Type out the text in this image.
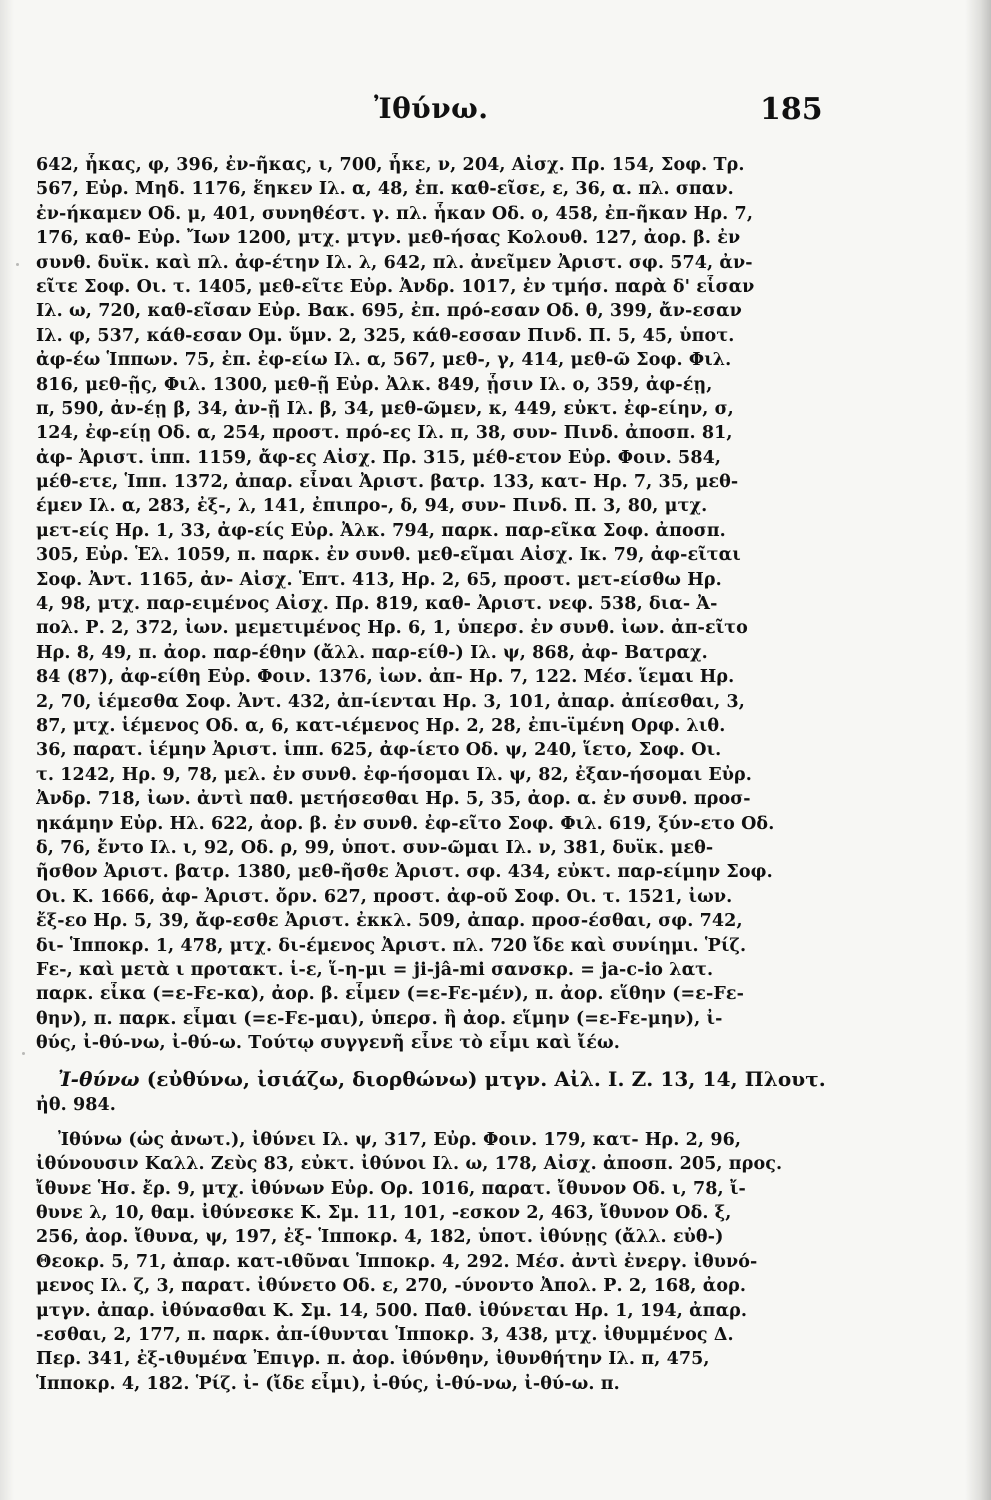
Ἰθύνω.	185
642, ἧκας, φ, 396, ἐν-ῆκας, ι, 700, ἧκε, ν, 204, Αἰσχ. Πρ. 154, Σοφ. Τρ.
567, Εὐρ. Μηδ. 1176, ἕηκεν Ιλ. α, 48, ἐπ. καθ-εῖσε, ε, 36, α. πλ. σπαν.
ἐν-ήκαμεν Οδ. μ, 401, συνηθέστ. γ. πλ. ἧκαν Οδ. ο, 458, ἐπ-ῆκαν Ηρ. 7,
176, καθ- Εὐρ. Ἴων 1200, μτχ. μτγν. μεθ-ήσας Κολουθ. 127, ἀορ. β. ἐν
συνθ. δυϊκ. καὶ πλ. ἀφ-έτην Ιλ. λ, 642, πλ. ἀνεῖμεν Ἀριστ. σφ. 574, ἀν-
εῖτε Σοφ. Οι. τ. 1405, μεθ-εῖτε Εὐρ. Ἀνδρ. 1017, ἐν τμήσ. παρὰ δ' εἷσαν
Ιλ. ω, 720, καθ-εῖσαν Εὐρ. Βακ. 695, ἐπ. πρό-εσαν Οδ. θ, 399, ἄν-εσαν
Ιλ. φ, 537, κάθ-εσαν Ομ. ὕμν. 2, 325, κάθ-εσσαν Πινδ. Π. 5, 45, ὑποτ.
ἀφ-έω Ἱππων. 75, ἐπ. ἐφ-είω Ιλ. α, 567, μεθ-, γ, 414, μεθ-ῶ Σοφ. Φιλ.
816, μεθ-ῇς, Φιλ. 1300, μεθ-ῇ Εὐρ. Ἀλκ. 849, ᾗσιν Ιλ. ο, 359, ἀφ-έῃ,
π, 590, ἀν-έῃ β, 34, ἀν-ῇ Ιλ. β, 34, μεθ-ῶμεν, κ, 449, εὐκτ. ἐφ-είην, σ,
124, ἐφ-είῃ Οδ. α, 254, προστ. πρό-ες Ιλ. π, 38, συν- Πινδ. ἀποσπ. 81,
ἀφ- Ἀριστ. ἱππ. 1159, ἄφ-ες Αἰσχ. Πρ. 315, μέθ-ετον Εὐρ. Φοιν. 584,
μέθ-ετε, Ἱππ. 1372, ἀπαρ. εἶναι Ἀριστ. βατρ. 133, κατ- Ηρ. 7, 35, μεθ-
έμεν Ιλ. α, 283, ἐξ-, λ, 141, ἐπιπρο-, δ, 94, συν- Πινδ. Π. 3, 80, μτχ.
μετ-είς Ηρ. 1, 33, ἀφ-είς Εὐρ. Ἀλκ. 794, παρκ. παρ-εῖκα Σοφ. ἀποσπ.
305, Εὐρ. Ἑλ. 1059, π. παρκ. ἐν συνθ. μεθ-εῖμαι Αἰσχ. Ικ. 79, ἀφ-εῖται
Σοφ. Ἀντ. 1165, ἀν- Αἰσχ. Ἑπτ. 413, Ηρ. 2, 65, προστ. μετ-είσθω Ηρ.
4, 98, μτχ. παρ-ειμένος Αἰσχ. Πρ. 819, καθ- Ἀριστ. νεφ. 538, δια- Ἀ-
πολ. Ρ. 2, 372, ἰων. μεμετιμένος Ηρ. 6, 1, ὑπερσ. ἐν συνθ. ἰων. ἀπ-εῖτο
Ηρ. 8, 49, π. ἀορ. παρ-έθην (ἄλλ. παρ-είθ-) Ιλ. ψ, 868, ἀφ- Βατραχ.
84 (87), ἀφ-είθη Εὐρ. Φοιν. 1376, ἰων. ἀπ- Ηρ. 7, 122. Μέσ. ἵεμαι Ηρ.
2, 70, ἱέμεσθα Σοφ. Ἀντ. 432, ἀπ-ίενται Ηρ. 3, 101, ἀπαρ. ἀπίεσθαι, 3,
87, μτχ. ἱέμενος Οδ. α, 6, κατ-ιέμενος Ηρ. 2, 28, ἐπι-ϊμένη Ορφ. λιθ.
36, παρατ. ἱέμην Ἀριστ. ἱππ. 625, ἀφ-ίετο Οδ. ψ, 240, ἵετο, Σοφ. Οι.
τ. 1242, Ηρ. 9, 78, μελ. ἐν συνθ. ἐφ-ήσομαι Ιλ. ψ, 82, ἐξαν-ήσομαι Εὐρ.
Ἀνδρ. 718, ἰων. ἀντὶ παθ. μετήσεσθαι Ηρ. 5, 35, ἀορ. α. ἐν συνθ. προσ-
ηκάμην Εὐρ. Ηλ. 622, ἀορ. β. ἐν συνθ. ἐφ-εῖτο Σοφ. Φιλ. 619, ξύν-ετο Οδ.
δ, 76, ἔντο Ιλ. ι, 92, Οδ. ρ, 99, ὑποτ. συν-ῶμαι Ιλ. ν, 381, δυϊκ. μεθ-
ῆσθον Ἀριστ. βατρ. 1380, μεθ-ῆσθε Ἀριστ. σφ. 434, εὐκτ. παρ-είμην Σοφ.
Οι. Κ. 1666, ἀφ- Ἀριστ. ὄρν. 627, προστ. ἀφ-οῦ Σοφ. Οι. τ. 1521, ἰων.
ἔξ-εο Ηρ. 5, 39, ἄφ-εσθε Ἀριστ. ἐκκλ. 509, ἀπαρ. προσ-έσθαι, σφ. 742,
δι- Ἱπποκρ. 1, 478, μτχ. δι-έμενος Ἀριστ. πλ. 720 ἴδε καὶ συνίημι. Ῥίζ.
Fε-, καὶ μετὰ ι προτακτ. ἱ-ε, ἵ-η-μι = ji-jâ-mi σανσκρ. = ja-c-io λατ.
παρκ. εἶκα (=ε-Fε-κα), ἀορ. β. εἷμεν (=ε-Fε-μέν), π. ἀορ. εἵθην (=ε-Fε-
θην), π. παρκ. εἷμαι (=ε-Fε-μαι), ὑπερσ. ἢ ἀορ. εἵμην (=ε-Fε-μην), ἰ-
θύς, ἰ-θύ-νω, ἰ-θύ-ω. Τούτῳ συγγενῆ εἶνε τὸ εἶμι καὶ ἴέω.
Ἰ-θύνω (εὐθύνω, ἰσιάζω, διορθώνω) μτγν. Αἰλ. Ι. Ζ. 13, 14, Πλουτ.
ἠθ. 984.
Ἰθύνω (ὡς ἀνωτ.), ἰθύνει Ιλ. ψ, 317, Εὐρ. Φοιν. 179, κατ- Ηρ. 2, 96,
ἰθύνουσιν Καλλ. Ζεὺς 83, εὐκτ. ἰθύνοι Ιλ. ω, 178, Αἰσχ. ἀποσπ. 205, προς.
ἴθυνε Ἡσ. ἔρ. 9, μτχ. ἰθύνων Εὐρ. Ορ. 1016, παρατ. ἴθυνον Οδ. ι, 78, ἴ-
θυνε λ, 10, θαμ. ἰθύνεσκε Κ. Σμ. 11, 101, -εσκον 2, 463, ἴθυνον Οδ. ξ,
256, ἀορ. ἴθυνα, ψ, 197, ἐξ- Ἱπποκρ. 4, 182, ὑποτ. ἰθύνῃς (ἄλλ. εὐθ-)
Θεοκρ. 5, 71, ἀπαρ. κατ-ιθῦναι Ἱπποκρ. 4, 292. Μέσ. ἀντὶ ἐνεργ. ἰθυνό-
μενος Ιλ. ζ, 3, παρατ. ἰθύνετο Οδ. ε, 270, -ύνοντο Ἀπολ. Ρ. 2, 168, ἀορ.
μτγν. ἀπαρ. ἰθύνασθαι Κ. Σμ. 14, 500. Παθ. ἰθύνεται Ηρ. 1, 194, ἀπαρ.
-εσθαι, 2, 177, π. παρκ. ἀπ-ίθυνται Ἱπποκρ. 3, 438, μτχ. ἰθυμμένος Δ.
Περ. 341, ἐξ-ιθυμένα Ἐπιγρ. π. ἀορ. ἰθύνθην, ἰθυνθήτην Ιλ. π, 475,
Ἱπποκρ. 4, 182. Ῥίζ. ἰ- (ἴδε εἶμι), ἰ-θύς, ἰ-θύ-νω, ἰ-θύ-ω. π.
